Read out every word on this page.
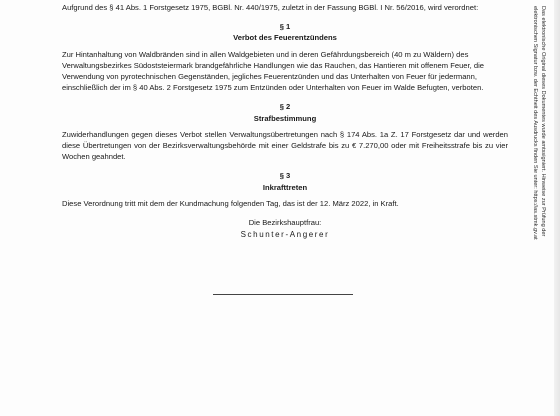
Aufgrund des § 41 Abs. 1 Forstgesetz 1975, BGBl. Nr. 440/1975, zuletzt in der Fassung BGBl. I Nr. 56/2016, wird verordnet:

§ 1

Verbot des Feuerentzündens

Zur Hintanhaltung von Waldbränden sind in allen Waldgebieten und in deren Gefährdungsbereich (40 m zu Wäldern) des Verwaltungsbezirkes Südoststeiermark brandgefährliche Handlungen wie das Rauchen, das Hantieren mit offenem Feuer, die Verwendung von pyrotechnischen Gegenständen, jegliches Feuerentzünden und das Unterhalten von Feuer für jedermann, einschließlich der im § 40 Abs. 2 Forstgesetz 1975 zum Entzünden oder Unterhalten von Feuer im Walde Befugten, verboten.

§ 2

Strafbestimmung

Zuwiderhandlungen gegen dieses Verbot stellen Verwaltungsübertretungen nach § 174 Abs. 1a Z. 17 Forstgesetz dar und werden diese Übertretungen von der Bezirksverwaltungsbehörde mit einer Geldstrafe bis zu € 7.270,00 oder mit Freiheitsstrafe bis zu vier Wochen geahndet.

§ 3

Inkrafttreten

Diese Verordnung tritt mit dem der Kundmachung folgenden Tag, das ist der 12. März 2022, in Kraft.

Die Bezirkshauptfrau:

Schunter-Angerer	Das elektronische Original dieses Dokumentes wurde amtssigniert. Hinweise zur Prüfung der
elektronischen Signatur bzw. der Echtheit des Ausdrucks finden Sie unter: https://as.stmk.gv.at
